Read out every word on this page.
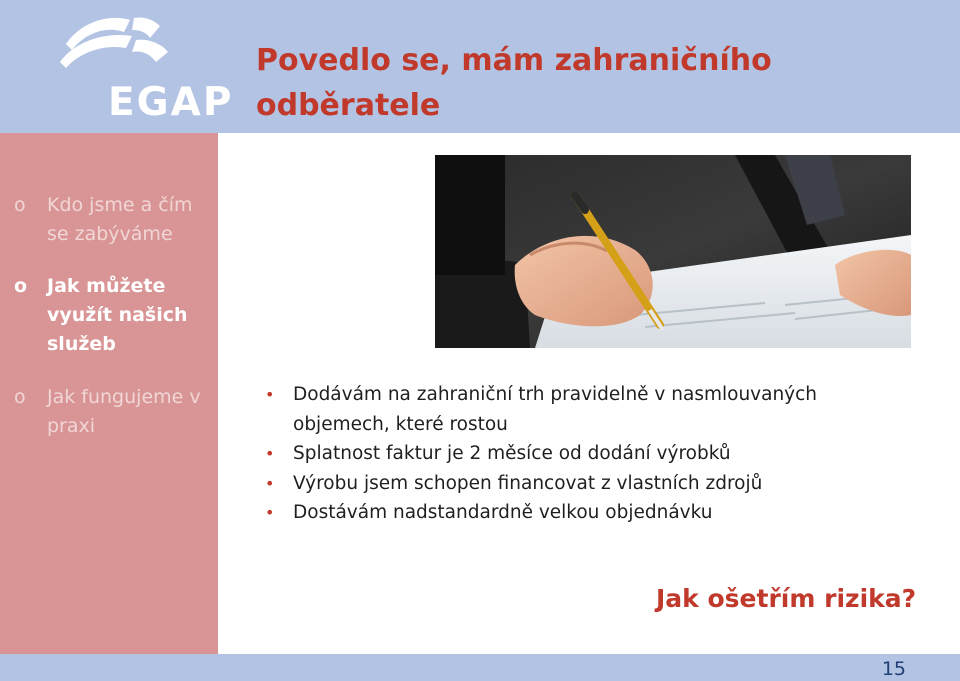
EGAP
Povedlo se, mám zahraničního odběratele
o Kdo jsme a čím se zabýváme
o Jak můžete využít našich služeb
o Jak fungujeme v praxi
• Dodávám na zahraniční trh pravidelně v nasmlouvaných objemech, které rostou
• Splatnost faktur je 2 měsíce od dodání výrobků
• Výrobu jsem schopen financovat z vlastních zdrojů
• Dostávám nadstandardně velkou objednávku
Jak ošetřím rizika?
15
